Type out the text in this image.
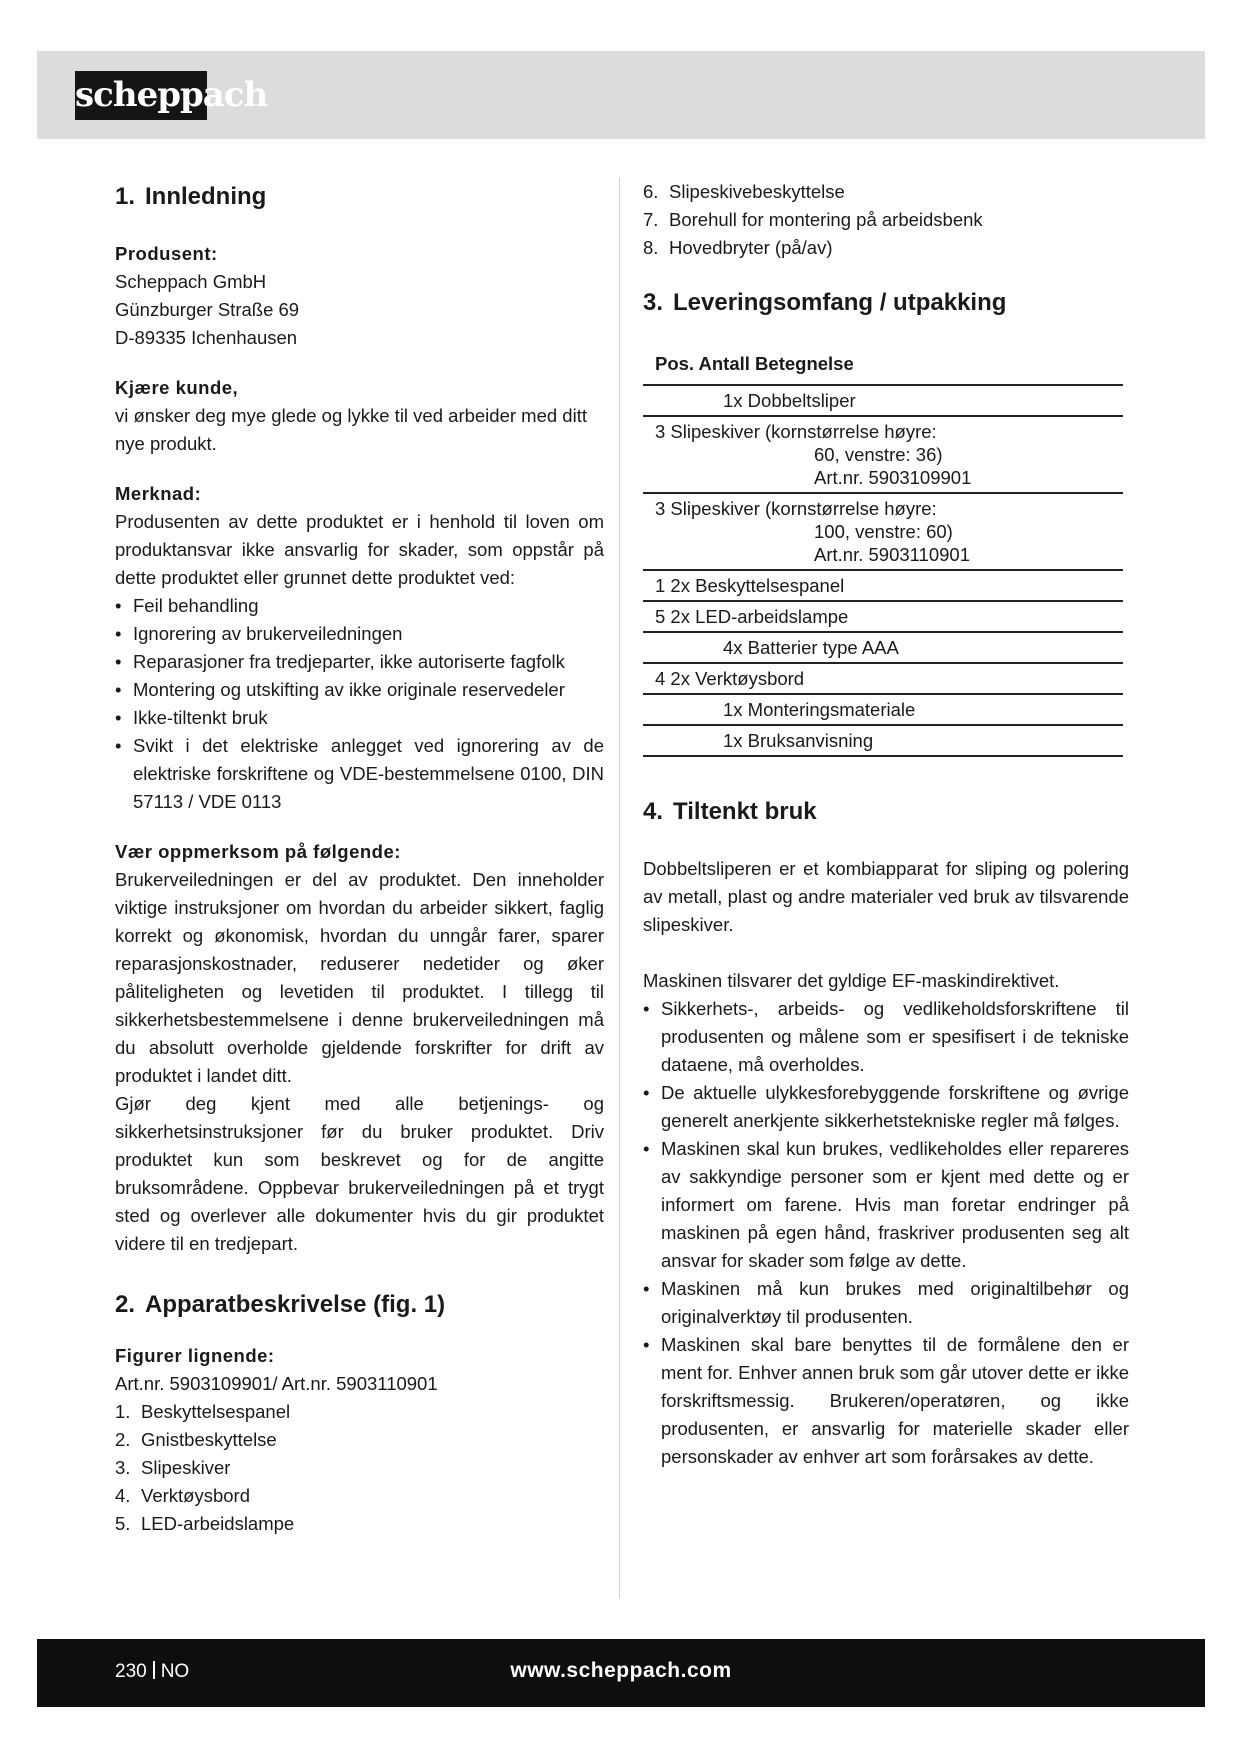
scheppach
1. Innledning

Produsent:

Scheppach GmbH

Günzburger Straße 69

D-89335 Ichenhausen

Kjære kunde,

vi ønsker deg mye glede og lykke til ved arbeider med ditt nye produkt.

Merknad:

Produsenten av dette produktet er i henhold til loven om produktansvar ikke ansvarlig for skader, som oppstår på dette produktet eller grunnet dette produktet ved:

• Feil behandling
• Ignorering av brukerveiledningen
• Reparasjoner fra tredjeparter, ikke autoriserte fagfolk
• Montering og utskifting av ikke originale reservedeler
• Ikke-tiltenkt bruk
• Svikt i det elektriske anlegget ved ignorering av de elektriske forskriftene og VDE-bestemmelsene 0100, DIN 57113 / VDE 0113

Vær oppmerksom på følgende:

Brukerveiledningen er del av produktet. Den inneholder viktige instruksjoner om hvordan du arbeider sikkert, faglig korrekt og økonomisk, hvordan du unngår farer, sparer reparasjonskostnader, reduserer nedetider og øker påliteligheten og levetiden til produktet. I tillegg til sikkerhetsbestemmelsene i denne brukerveiledningen må du absolutt overholde gjeldende forskrifter for drift av produktet i landet ditt.

Gjør deg kjent med alle betjenings- og sikkerhetsinstruksjoner før du bruker produktet. Driv produktet kun som beskrevet og for de angitte bruksområdene. Oppbevar brukerveiledningen på et trygt sted og overlever alle dokumenter hvis du gir produktet videre til en tredjepart.

2. Apparatbeskrivelse (fig. 1)

Figurer lignende:

Art.nr. 5903109901/ Art.nr. 5903110901

1. Beskyttelsespanel
2. Gnistbeskyttelse
3. Slipeskiver
4. Verktøysbord
5. LED-arbeidslampe
6. Slipeskivebeskyttelse
7. Borehull for montering på arbeidsbenk
8. Hovedbryter (på/av)
3. Leveringsomfang / utpakking
Pos. Antall Betegnelse
1x Dobbeltsliper
3 Slipeskiver (kornstørrelse høyre:
60, venstre: 36)
Art.nr. 5903109901
3 Slipeskiver (kornstørrelse høyre:
100, venstre: 60)
Art.nr. 5903110901
1 2x Beskyttelsespanel
5 2x LED-arbeidslampe
4x Batterier type AAA
4 2x Verktøysbord
1x Monteringsmateriale
1x Bruksanvisning
4. Tiltenkt bruk

Dobbeltsliperen er et kombiapparat for sliping og polering av metall, plast og andre materialer ved bruk av tilsvarende slipeskiver.

Maskinen tilsvarer det gyldige EF-maskindirektivet.

• Sikkerhets-, arbeids- og vedlikeholdsforskriftene til produsenten og målene som er spesifisert i de tekniske dataene, må overholdes.
• De aktuelle ulykkesforebyggende forskriftene og øvrige generelt anerkjente sikkerhetstekniske regler må følges.
• Maskinen skal kun brukes, vedlikeholdes eller repareres av sakkyndige personer som er kjent med dette og er informert om farene. Hvis man foretar endringer på maskinen på egen hånd, fraskriver produsenten seg alt ansvar for skader som følge av dette.
• Maskinen må kun brukes med originaltilbehør og originalverktøy til produsenten.
• Maskinen skal bare benyttes til de formålene den er ment for. Enhver annen bruk som går utover dette er ikke forskriftsmessig. Brukeren/operatøren, og ikke produsenten, er ansvarlig for materielle skader eller personskader av enhver art som forårsakes av dette.
230 NO	www.scheppach.com
